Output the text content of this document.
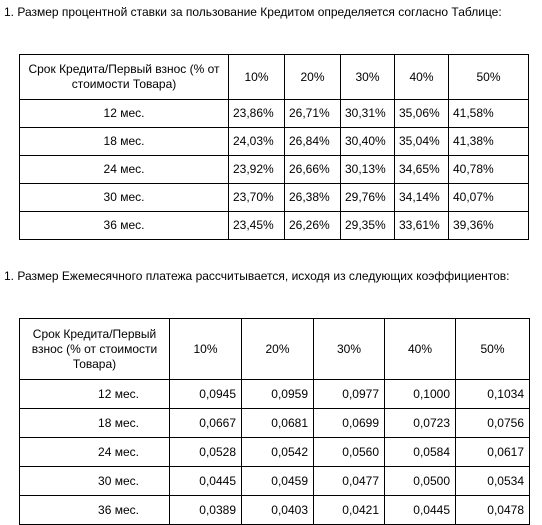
1. Размер процентной ставки за пользование Кредитом определяется согласно Таблице:
Срок Кредита/Первый взнос (% от стоимости Товара)	10%	20%	30%	40%	50%
12 мес.	23,86%	26,71%	30,31%	35,06%	41,58%
18 мес.	24,03%	26,84%	30,40%	35,04%	41,38%
24 мес.	23,92%	26,66%	30,13%	34,65%	40,78%
30 мес.	23,70%	26,38%	29,76%	34,14%	40,07%
36 мес.	23,45%	26,26%	29,35%	33,61%	39,36%
1. Размер Ежемесячного платежа рассчитывается, исходя из следующих коэффициентов:
Срок Кредита/Первый взнос (% от стоимости Товара)	10%	20%	30%	40%	50%
12 мес.	0,0945	0,0959	0,0977	0,1000	0,1034
18 мес.	0,0667	0,0681	0,0699	0,0723	0,0756
24 мес.	0,0528	0,0542	0,0560	0,0584	0,0617
30 мес.	0,0445	0,0459	0,0477	0,0500	0,0534
36 мес.	0,0389	0,0403	0,0421	0,0445	0,0478
